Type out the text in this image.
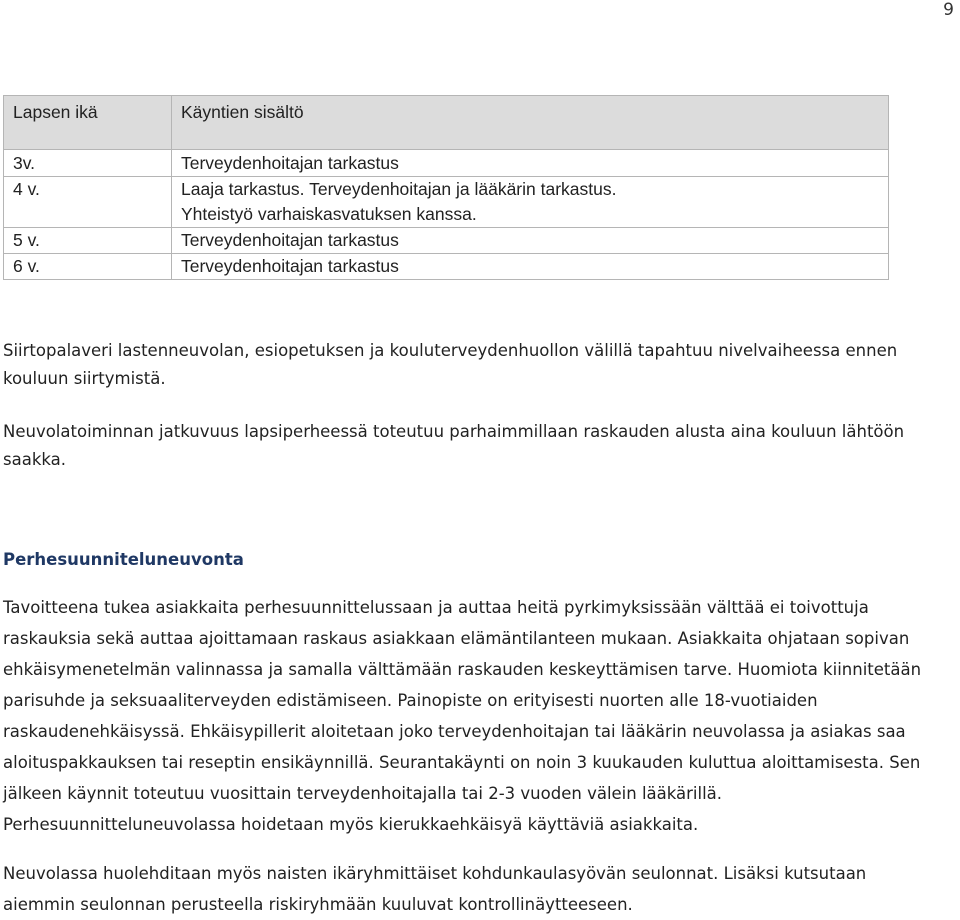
9
Lapsen ikä	Käyntien sisältö
3v.	Terveydenhoitajan tarkastus
4 v.	Laaja tarkastus. Terveydenhoitajan ja lääkärin tarkastus.
Yhteistyö varhaiskasvatuksen kanssa.

5 v.	Terveydenhoitajan tarkastus
6 v.	Terveydenhoitajan tarkastus

Siirtopalaveri lastenneuvolan, esiopetuksen ja kouluterveydenhuollon välillä tapahtuu nivelvaiheessa ennen kouluun siirtymistä.

Neuvolatoiminnan jatkuvuus lapsiperheessä toteutuu parhaimmillaan raskauden alusta aina kouluun lähtöön saakka.

Perhesuunniteluneuvonta

Tavoitteena tukea asiakkaita perhesuunnittelussaan ja auttaa heitä pyrkimyksissään välttää ei toivottuja raskauksia sekä auttaa ajoittamaan raskaus asiakkaan elämäntilanteen mukaan. Asiakkaita ohjataan sopivan ehkäisymenetelmän valinnassa ja samalla välttämään raskauden keskeyttämisen tarve. Huomiota kiinnitetään parisuhde ja seksuaaliterveyden edistämiseen. Painopiste on erityisesti nuorten alle 18-vuotiaiden raskaudenehkäisyssä. Ehkäisypillerit aloitetaan joko terveydenhoitajan tai lääkärin neuvolassa ja asiakas saa aloituspakkauksen tai reseptin ensikäynnillä. Seurantakäynti on noin 3 kuukauden kuluttua aloittamisesta. Sen jälkeen käynnit toteutuu vuosittain terveydenhoitajalla tai 2-3 vuoden välein lääkärillä. Perhesuunnitteluneuvolassa hoidetaan myös kierukkaehkäisyä käyttäviä asiakkaita.

Neuvolassa huolehditaan myös naisten ikäryhmittäiset kohdunkaulasyövän seulonnat. Lisäksi kutsutaan aiemmin seulonnan perusteella riskiryhmään kuuluvat kontrollinäytteeseen.
